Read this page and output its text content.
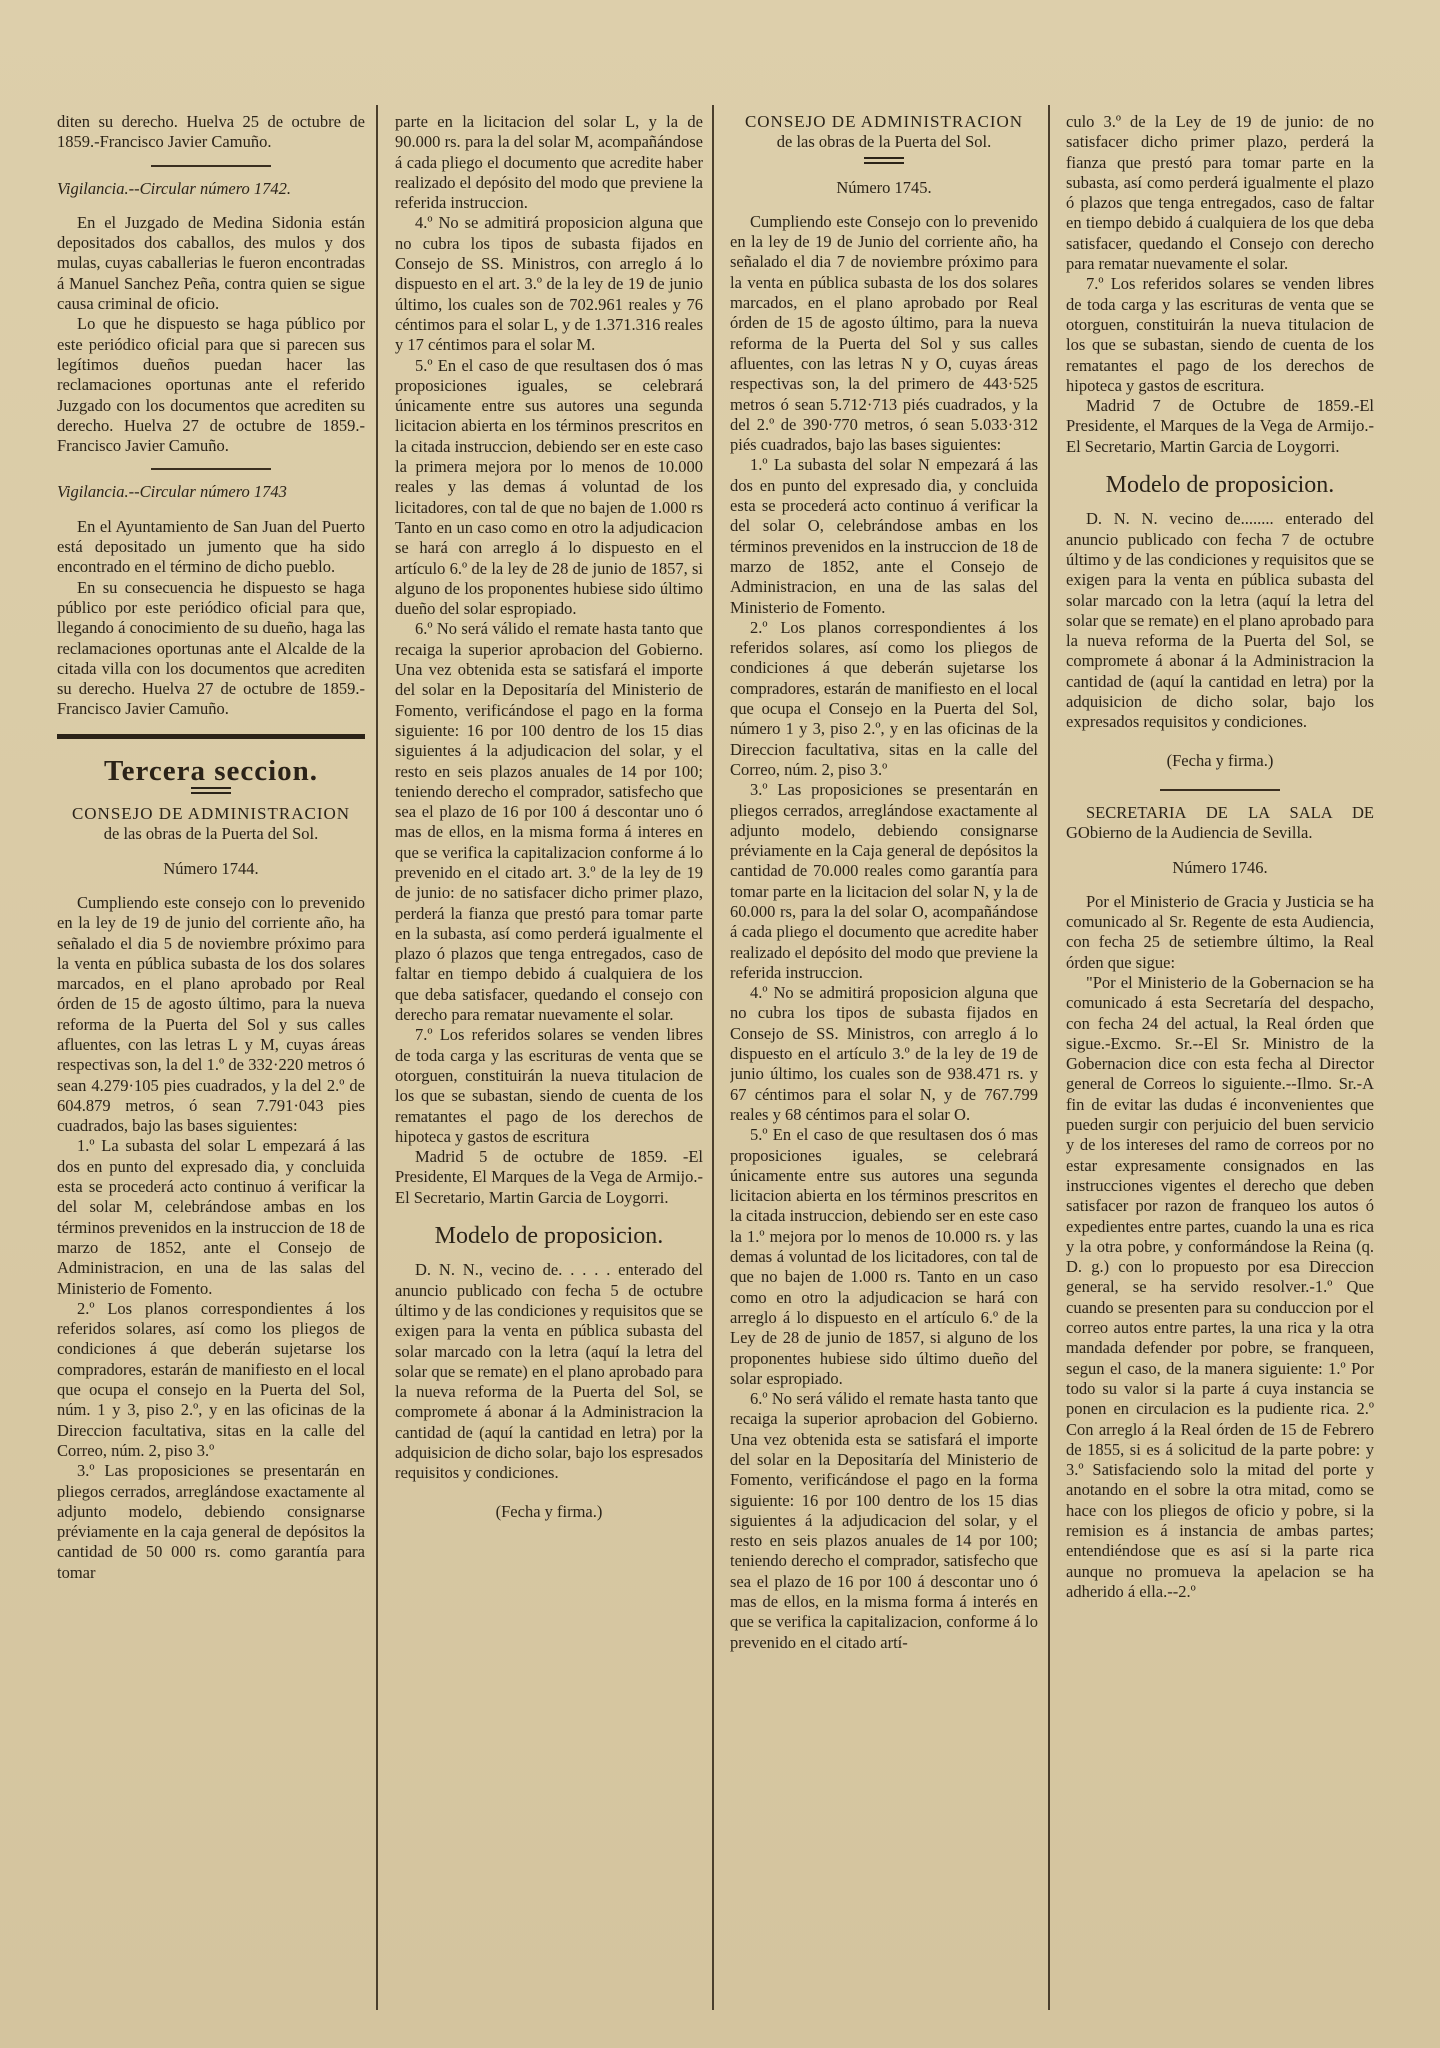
diten su derecho. Huelva 25 de octubre de 1859.-Francisco Javier Camuño.

Vigilancia.--Circular número 1742.

En el Juzgado de Medina Sidonia están depositados dos caballos, des mulos y dos mulas, cuyas caballerias le fueron encontradas á Manuel Sanchez Peña, contra quien se sigue causa criminal de oficio.

Lo que he dispuesto se haga público por este periódico oficial para que si parecen sus legítimos dueños puedan hacer las reclamaciones oportunas ante el referido Juzgado con los documentos que acrediten su derecho. Huelva 27 de octubre de 1859.-Francisco Javier Camuño.

Vigilancia.--Circular número 1743

En el Ayuntamiento de San Juan del Puerto está depositado un jumento que ha sido encontrado en el término de dicho pueblo.

En su consecuencia he dispuesto se haga público por este periódico oficial para que, llegando á conocimiento de su dueño, haga las reclamaciones oportunas ante el Alcalde de la citada villa con los documentos que acrediten su derecho. Huelva 27 de octubre de 1859.-Francisco Javier Camuño.

Tercera seccion.
CONSEJO DE ADMINISTRACION
de las obras de la Puerta del Sol.
Número 1744.

Cumpliendo este consejo con lo prevenido en la ley de 19 de junio del corriente año, ha señalado el dia 5 de noviembre próximo para la venta en pública subasta de los dos solares marcados, en el plano aprobado por Real órden de 15 de agosto último, para la nueva reforma de la Puerta del Sol y sus calles afluentes, con las letras L y M, cuyas áreas respectivas son, la del 1.º de 332·220 metros ó sean 4.279·105 pies cuadrados, y la del 2.º de 604.879 metros, ó sean 7.791·043 pies cuadrados, bajo las bases siguientes:

1.º La subasta del solar L empezará á las dos en punto del expresado dia, y concluida esta se procederá acto continuo á verificar la del solar M, celebrándose ambas en los términos prevenidos en la instruccion de 18 de marzo de 1852, ante el Consejo de Administracion, en una de las salas del Ministerio de Fomento.

2.º Los planos correspondientes á los referidos solares, así como los pliegos de condiciones á que deberán sujetarse los compradores, estarán de manifiesto en el local que ocupa el consejo en la Puerta del Sol, núm. 1 y 3, piso 2.º, y en las oficinas de la Direccion facultativa, sitas en la calle del Correo, núm. 2, piso 3.º

3.º Las proposiciones se presentarán en pliegos cerrados, arreglándose exactamente al adjunto modelo, debiendo consignarse préviamente en la caja general de depósitos la cantidad de 50 000 rs. como garantía para tomar

parte en la licitacion del solar L, y la de 90.000 rs. para la del solar M, acompañándose á cada pliego el documento que acredite haber realizado el depósito del modo que previene la referida instruccion.

4.º No se admitirá proposicion alguna que no cubra los tipos de subasta fijados en Consejo de SS. Ministros, con arreglo á lo dispuesto en el art. 3.º de la ley de 19 de junio último, los cuales son de 702.961 reales y 76 céntimos para el solar L, y de 1.371.316 reales y 17 céntimos para el solar M.

5.º En el caso de que resultasen dos ó mas proposiciones iguales, se celebrará únicamente entre sus autores una segunda licitacion abierta en los términos prescritos en la citada instruccion, debiendo ser en este caso la primera mejora por lo menos de 10.000 reales y las demas á voluntad de los licitadores, con tal de que no bajen de 1.000 rs Tanto en un caso como en otro la adjudicacion se hará con arreglo á lo dispuesto en el artículo 6.º de la ley de 28 de junio de 1857, si alguno de los proponentes hubiese sido último dueño del solar espropiado.

6.º No será válido el remate hasta tanto que recaiga la superior aprobacion del Gobierno. Una vez obtenida esta se satisfará el importe del solar en la Depositaría del Ministerio de Fomento, verificándose el pago en la forma siguiente: 16 por 100 dentro de los 15 dias siguientes á la adjudicacion del solar, y el resto en seis plazos anuales de 14 por 100; teniendo derecho el comprador, satisfecho que sea el plazo de 16 por 100 á descontar uno ó mas de ellos, en la misma forma á interes en que se verifica la capitalizacion conforme á lo prevenido en el citado art. 3.º de la ley de 19 de junio: de no satisfacer dicho primer plazo, perderá la fianza que prestó para tomar parte en la subasta, así como perderá igualmente el plazo ó plazos que tenga entregados, caso de faltar en tiempo debido á cualquiera de los que deba satisfacer, quedando el consejo con derecho para rematar nuevamente el solar.

7.º Los referidos solares se venden libres de toda carga y las escrituras de venta que se otorguen, constituirán la nueva titulacion de los que se subastan, siendo de cuenta de los rematantes el pago de los derechos de hipoteca y gastos de escritura

Madrid 5 de octubre de 1859. -El Presidente, El Marques de la Vega de Armijo.-El Secretario, Martin Garcia de Loygorri.

Modelo de proposicion.

D. N. N., vecino de. . . . . enterado del anuncio publicado con fecha 5 de octubre último y de las condiciones y requisitos que se exigen para la venta en pública subasta del solar marcado con la letra (aquí la letra del solar que se remate) en el plano aprobado para la nueva reforma de la Puerta del Sol, se compromete á abonar á la Administracion la cantidad de (aquí la cantidad en letra) por la adquisicion de dicho solar, bajo los espresados requisitos y condiciones.

(Fecha y firma.)
CONSEJO DE ADMINISTRACION
de las obras de la Puerta del Sol.
Número 1745.

Cumpliendo este Consejo con lo prevenido en la ley de 19 de Junio del corriente año, ha señalado el dia 7 de noviembre próximo para la venta en pública subasta de los dos solares marcados, en el plano aprobado por Real órden de 15 de agosto último, para la nueva reforma de la Puerta del Sol y sus calles afluentes, con las letras N y O, cuyas áreas respectivas son, la del primero de 443·525 metros ó sean 5.712·713 piés cuadrados, y la del 2.º de 390·770 metros, ó sean 5.033·312 piés cuadrados, bajo las bases siguientes:

1.º La subasta del solar N empezará á las dos en punto del expresado dia, y concluida esta se procederá acto continuo á verificar la del solar O, celebrándose ambas en los términos prevenidos en la instruccion de 18 de marzo de 1852, ante el Consejo de Administracion, en una de las salas del Ministerio de Fomento.

2.º Los planos correspondientes á los referidos solares, así como los pliegos de condiciones á que deberán sujetarse los compradores, estarán de manifiesto en el local que ocupa el Consejo en la Puerta del Sol, número 1 y 3, piso 2.º, y en las oficinas de la Direccion facultativa, sitas en la calle del Correo, núm. 2, piso 3.º

3.º Las proposiciones se presentarán en pliegos cerrados, arreglándose exactamente al adjunto modelo, debiendo consignarse préviamente en la Caja general de depósitos la cantidad de 70.000 reales como garantía para tomar parte en la licitacion del solar N, y la de 60.000 rs, para la del solar O, acompañándose á cada pliego el documento que acredite haber realizado el depósito del modo que previene la referida instruccion.

4.º No se admitirá proposicion alguna que no cubra los tipos de subasta fijados en Consejo de SS. Ministros, con arreglo á lo dispuesto en el artículo 3.º de la ley de 19 de junio último, los cuales son de 938.471 rs. y 67 céntimos para el solar N, y de 767.799 reales y 68 céntimos para el solar O.

5.º En el caso de que resultasen dos ó mas proposiciones iguales, se celebrará únicamente entre sus autores una segunda licitacion abierta en los términos prescritos en la citada instruccion, debiendo ser en este caso la 1.º mejora por lo menos de 10.000 rs. y las demas á voluntad de los licitadores, con tal de que no bajen de 1.000 rs. Tanto en un caso como en otro la adjudicacion se hará con arreglo á lo dispuesto en el artículo 6.º de la Ley de 28 de junio de 1857, si alguno de los proponentes hubiese sido último dueño del solar espropiado.

6.º No será válido el remate hasta tanto que recaiga la superior aprobacion del Gobierno. Una vez obtenida esta se satisfará el importe del solar en la Depositaría del Ministerio de Fomento, verificándose el pago en la forma siguiente: 16 por 100 dentro de los 15 dias siguientes á la adjudicacion del solar, y el resto en seis plazos anuales de 14 por 100; teniendo derecho el comprador, satisfecho que sea el plazo de 16 por 100 á descontar uno ó mas de ellos, en la misma forma á interés en que se verifica la capitalizacion, conforme á lo prevenido en el citado artí-

culo 3.º de la Ley de 19 de junio: de no satisfacer dicho primer plazo, perderá la fianza que prestó para tomar parte en la subasta, así como perderá igualmente el plazo ó plazos que tenga entregados, caso de faltar en tiempo debido á cualquiera de los que deba satisfacer, quedando el Consejo con derecho para rematar nuevamente el solar.

7.º Los referidos solares se venden libres de toda carga y las escrituras de venta que se otorguen, constituirán la nueva titulacion de los que se subastan, siendo de cuenta de los rematantes el pago de los derechos de hipoteca y gastos de escritura.

Madrid 7 de Octubre de 1859.-El Presidente, el Marques de la Vega de Armijo.-El Secretario, Martin Garcia de Loygorri.

Modelo de proposicion.

D. N. N. vecino de........ enterado del anuncio publicado con fecha 7 de octubre último y de las condiciones y requisitos que se exigen para la venta en pública subasta del solar marcado con la letra (aquí la letra del solar que se remate) en el plano aprobado para la nueva reforma de la Puerta del Sol, se compromete á abonar á la Administracion la cantidad de (aquí la cantidad en letra) por la adquisicion de dicho solar, bajo los expresados requisitos y condiciones.

(Fecha y firma.)

SECRETARIA DE LA SALA DE GObierno de la Audiencia de Sevilla.

Número 1746.

Por el Ministerio de Gracia y Justicia se ha comunicado al Sr. Regente de esta Audiencia, con fecha 25 de setiembre último, la Real órden que sigue:

"Por el Ministerio de la Gobernacion se ha comunicado á esta Secretaría del despacho, con fecha 24 del actual, la Real órden que sigue.-Excmo. Sr.--El Sr. Ministro de la Gobernacion dice con esta fecha al Director general de Correos lo siguiente.--Ilmo. Sr.-A fin de evitar las dudas é inconvenientes que pueden surgir con perjuicio del buen servicio y de los intereses del ramo de correos por no estar expresamente consignados en las instrucciones vigentes el derecho que deben satisfacer por razon de franqueo los autos ó expedientes entre partes, cuando la una es rica y la otra pobre, y conformándose la Reina (q. D. g.) con lo propuesto por esa Direccion general, se ha servido resolver.-1.º Que cuando se presenten para su conduccion por el correo autos entre partes, la una rica y la otra mandada defender por pobre, se franqueen, segun el caso, de la manera siguiente: 1.º Por todo su valor si la parte á cuya instancia se ponen en circulacion es la pudiente rica. 2.º Con arreglo á la Real órden de 15 de Febrero de 1855, si es á solicitud de la parte pobre: y 3.º Satisfaciendo solo la mitad del porte y anotando en el sobre la otra mitad, como se hace con los pliegos de oficio y pobre, si la remision es á instancia de ambas partes; entendiéndose que es así si la parte rica aunque no promueva la apelacion se ha adherido á ella.--2.º
